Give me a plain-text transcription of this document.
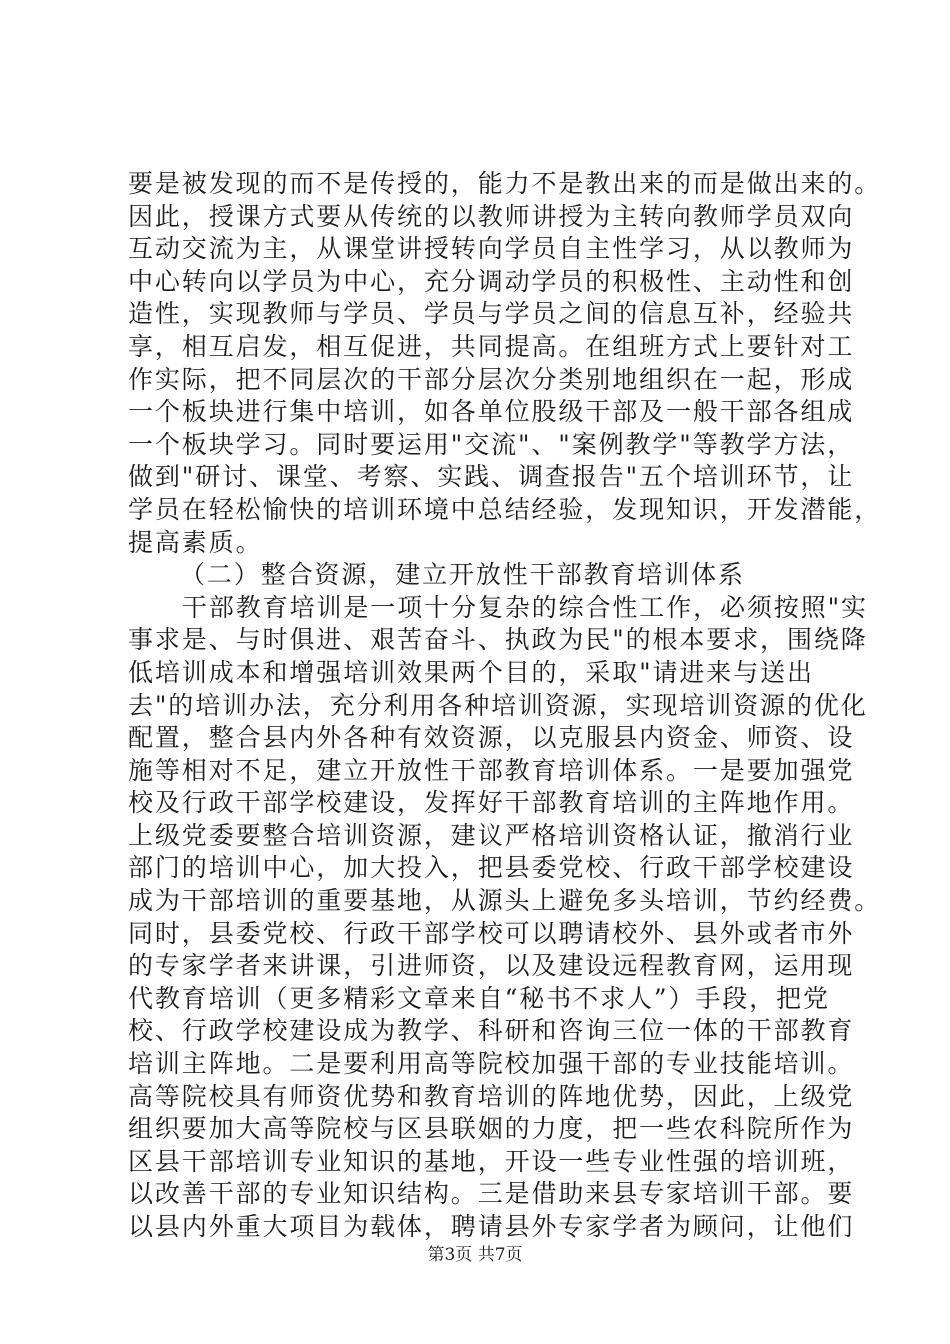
要是被发现的而不是传授的，能力不是教出来的而是做出来的。
因此，授课方式要从传统的以教师讲授为主转向教师学员双向
互动交流为主，从课堂讲授转向学员自主性学习，从以教师为
中心转向以学员为中心，充分调动学员的积极性、主动性和创
造性，实现教师与学员、学员与学员之间的信息互补，经验共
享，相互启发，相互促进，共同提高。在组班方式上要针对工
作实际，把不同层次的干部分层次分类别地组织在一起，形成
一个板块进行集中培训，如各单位股级干部及一般干部各组成
一个板块学习。同时要运用"交流"、"案例教学"等教学方法，
做到"研讨、课堂、考察、实践、调查报告"五个培训环节，让
学员在轻松愉快的培训环境中总结经验，发现知识，开发潜能，
提高素质。
（二）整合资源，建立开放性干部教育培训体系
干部教育培训是一项十分复杂的综合性工作，必须按照"实
事求是、与时俱进、艰苦奋斗、执政为民"的根本要求，围绕降
低培训成本和增强培训效果两个目的，采取"请进来与送出
去"的培训办法，充分利用各种培训资源，实现培训资源的优化
配置，整合县内外各种有效资源，以克服县内资金、师资、设
施等相对不足，建立开放性干部教育培训体系。一是要加强党
校及行政干部学校建设，发挥好干部教育培训的主阵地作用。
上级党委要整合培训资源，建议严格培训资格认证，撤消行业
部门的培训中心，加大投入，把县委党校、行政干部学校建设
成为干部培训的重要基地，从源头上避免多头培训，节约经费。
同时，县委党校、行政干部学校可以聘请校外、县外或者市外
的专家学者来讲课，引进师资，以及建设远程教育网，运用现
代教育培训（更多精彩文章来自“秘书不求人”）手段，把党
校、行政学校建设成为教学、科研和咨询三位一体的干部教育
培训主阵地。二是要利用高等院校加强干部的专业技能培训。
高等院校具有师资优势和教育培训的阵地优势，因此，上级党
组织要加大高等院校与区县联姻的力度，把一些农科院所作为
区县干部培训专业知识的基地，开设一些专业性强的培训班，
以改善干部的专业知识结构。三是借助来县专家培训干部。要
以县内外重大项目为载体，聘请县外专家学者为顾问，让他们
第3页 共7页
